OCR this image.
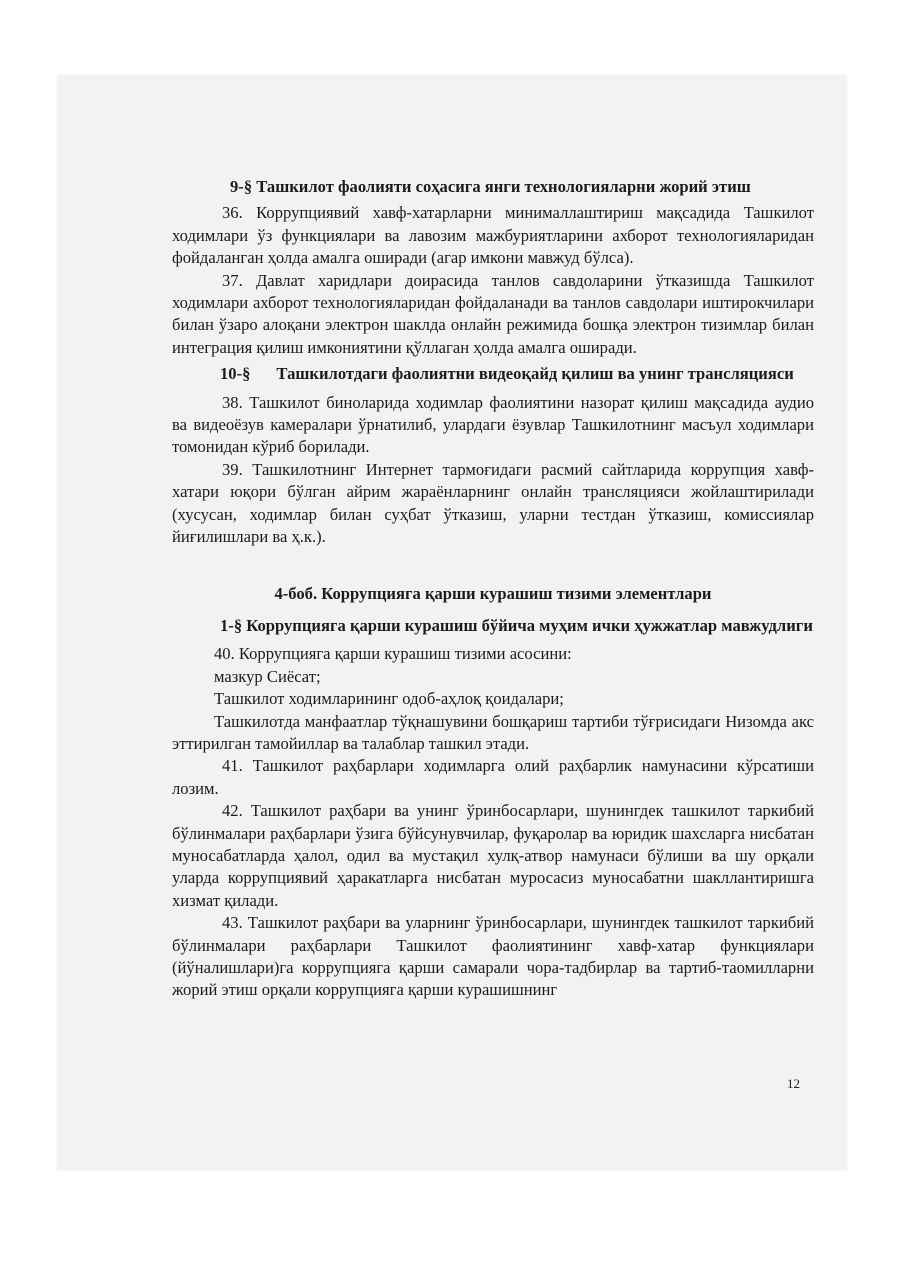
9-§ Ташкилот фаолияти соҳасига янги технологияларни жорий этиш

36. Коррупциявий хавф-хатарларни минималлаштириш мақсадида Ташкилот ходимлари ўз функциялари ва лавозим мажбуриятларини ахборот технологияларидан фойдаланган ҳолда амалга оширади (агар имкони мавжуд бўлса).

37. Давлат харидлари доирасида танлов савдоларини ўтказишда Ташкилот ходимлари ахборот технологияларидан фойдаланади ва танлов савдолари иштирокчилари билан ўзаро алоқани электрон шаклда онлайн режимида бошқа электрон тизимлар билан интеграция қилиш имкониятини қўллаган ҳолда амалга оширади.

10-§ Ташкилотдаги фаолиятни видеоқайд қилиш ва унинг трансляцияси

38. Ташкилот биноларида ходимлар фаолиятини назорат қилиш мақсадида аудио ва видеоёзув камералари ўрнатилиб, улардаги ёзувлар Ташкилотнинг масъул ходимлари томонидан кўриб борилади.

39. Ташкилотнинг Интернет тармоғидаги расмий сайтларида коррупция хавф-хатари юқори бўлган айрим жараёнларнинг онлайн трансляцияси жойлаштирилади (хусусан, ходимлар билан суҳбат ўтказиш, уларни тестдан ўтказиш, комиссиялар йиғилишлари ва ҳ.к.).

4-боб. Коррупцияга қарши курашиш тизими элементлари

1-§ Коррупцияга қарши курашиш бўйича муҳим ички ҳужжатлар мавжудлиги

40. Коррупцияга қарши курашиш тизими асосини:

мазкур Сиёсат;

Ташкилот ходимларининг одоб-аҳлоқ қоидалари;

Ташкилотда манфаатлар тўқнашувини бошқариш тартиби тўғрисидаги Низомда акс эттирилган тамойиллар ва талаблар ташкил этади.

41. Ташкилот раҳбарлари ходимларга олий раҳбарлик намунасини кўрсатиши лозим.

42. Ташкилот раҳбари ва унинг ўринбосарлари, шунингдек ташкилот таркибий бўлинмалари раҳбарлари ўзига бўйсунувчилар, фуқаролар ва юридик шахсларга нисбатан муносабатларда ҳалол, одил ва мустақил хулқ-атвор намунаси бўлиши ва шу орқали уларда коррупциявий ҳаракатларга нисбатан муросасиз муносабатни шакллантиришга хизмат қилади.

43. Ташкилот раҳбари ва уларнинг ўринбосарлари, шунингдек ташкилот таркибий бўлинмалари раҳбарлари Ташкилот фаолиятининг хавф-хатар функциялари (йўналишлари)га коррупцияга қарши самарали чора-тадбирлар ва тартиб-таомилларни жорий этиш орқали коррупцияга қарши курашишнинг

12
